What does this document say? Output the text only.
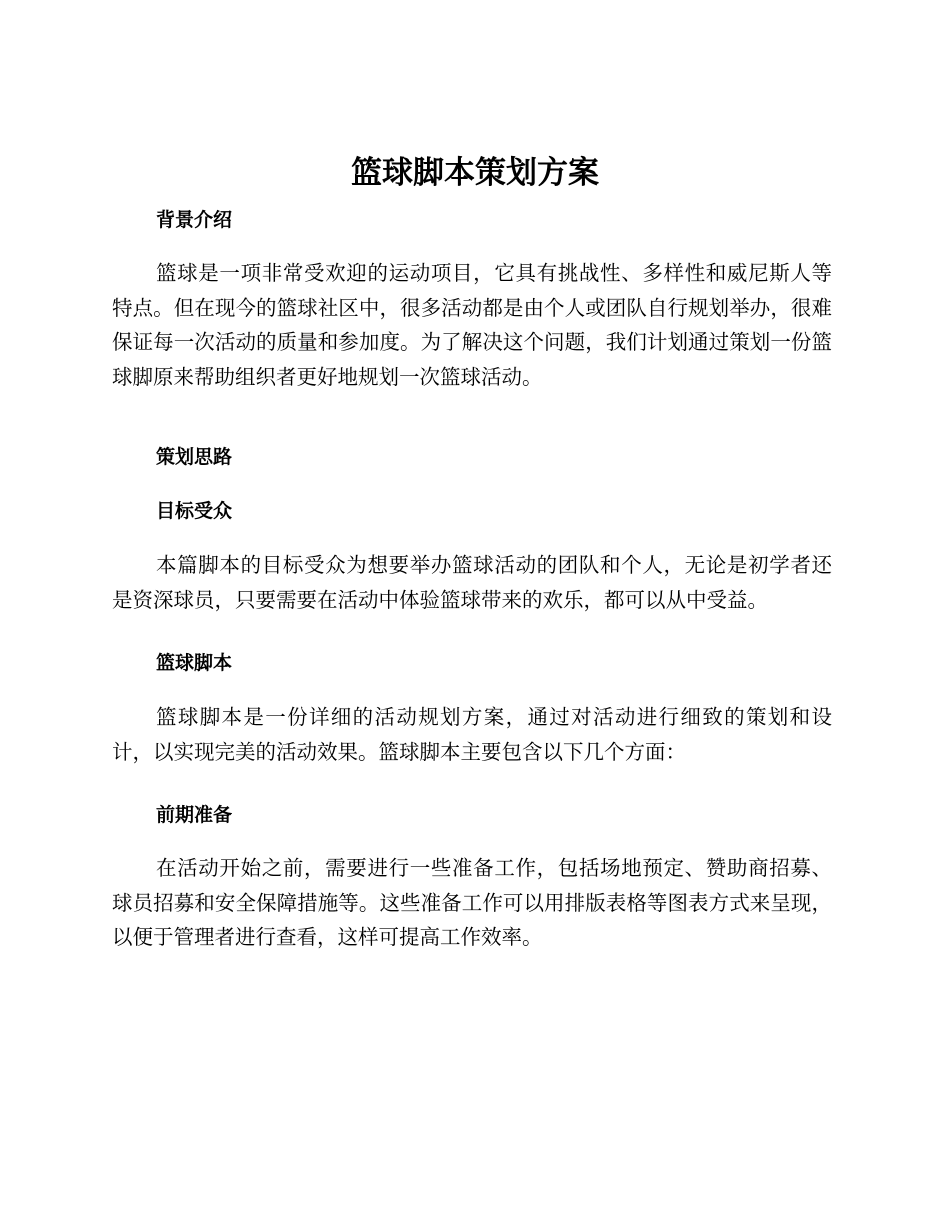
篮球脚本策划方案
背景介绍

篮球是一项非常受欢迎的运动项目，它具有挑战性、多样性和威尼斯人等特点。但在现今的篮球社区中，很多活动都是由个人或团队自行规划举办，很难保证每一次活动的质量和参加度。为了解决这个问题，我们计划通过策划一份篮球脚原来帮助组织者更好地规划一次篮球活动。

策划思路
目标受众

本篇脚本的目标受众为想要举办篮球活动的团队和个人，无论是初学者还是资深球员，只要需要在活动中体验篮球带来的欢乐，都可以从中受益。

篮球脚本

篮球脚本是一份详细的活动规划方案，通过对活动进行细致的策划和设计，以实现完美的活动效果。篮球脚本主要包含以下几个方面：

前期准备

在活动开始之前，需要进行一些准备工作，包括场地预定、赞助商招募、球员招募和安全保障措施等。这些准备工作可以用排版表格等图表方式来呈现，以便于管理者进行查看，这样可提高工作效率。
